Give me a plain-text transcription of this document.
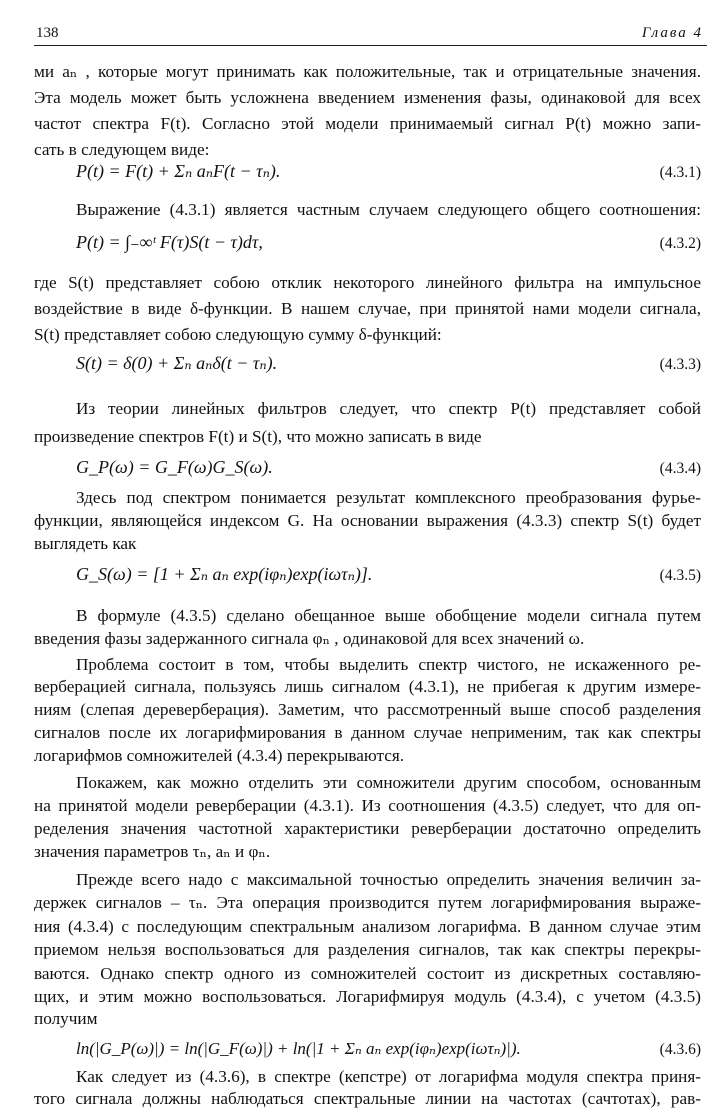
138	Глава 4
ми aₙ , которые могут принимать как положительные, так и отрицательные значения.
Эта модель может быть усложнена введением изменения фазы, одинаковой для всех
частот спектра F(t). Согласно этой модели принимаемый сигнал P(t) можно запи-
сать в следующем виде:
P(t) = F(t) + Σₙ aₙF(t − τₙ).	(4.3.1)
Выражение (4.3.1) является частным случаем следующего общего соотношения:
P(t) = ∫₋∞ᵗ F(τ)S(t − τ)dτ,	(4.3.2)
где S(t) представляет собою отклик некоторого линейного фильтра на импульсное
воздействие в виде δ-функции. В нашем случае, при принятой нами модели сигнала,
S(t) представляет собою следующую сумму δ-функций:
S(t) = δ(0) + Σₙ aₙδ(t − τₙ).	(4.3.3)
Из теории линейных фильтров следует, что спектр P(t) представляет собой
произведение спектров F(t) и S(t), что можно записать в виде
G_P(ω) = G_F(ω)G_S(ω).	(4.3.4)
Здесь под спектром понимается результат комплексного преобразования фурье-
функции, являющейся индексом G. На основании выражения (4.3.3) спектр S(t) будет
выглядеть как
G_S(ω) = [1 + Σₙ aₙ exp(iφₙ)exp(iωτₙ)].	(4.3.5)
В формуле (4.3.5) сделано обещанное выше обобщение модели сигнала путем
введения фазы задержанного сигнала φₙ , одинаковой для всех значений ω.
Проблема состоит в том, чтобы выделить спектр чистого, не искаженного ре-
верберацией сигнала, пользуясь лишь сигналом (4.3.1), не прибегая к другим измере-
ниям (слепая дереверберация). Заметим, что рассмотренный выше способ разделения
сигналов после их логарифмирования в данном случае неприменим, так как спектры
логарифмов сомножителей (4.3.4) перекрываются.
Покажем, как можно отделить эти сомножители другим способом, основанным
на принятой модели реверберации (4.3.1). Из соотношения (4.3.5) следует, что для оп-
ределения значения частотной характеристики реверберации достаточно определить
значения параметров τₙ, aₙ и φₙ.
Прежде всего надо с максимальной точностью определить значения величин за-
держек сигналов – τₙ. Эта операция производится путем логарифмирования выраже-
ния (4.3.4) с последующим спектральным анализом логарифма. В данном случае этим
приемом нельзя воспользоваться для разделения сигналов, так как спектры перекры-
ваются. Однако спектр одного из сомножителей состоит из дискретных составляю-
щих, и этим можно воспользоваться. Логарифмируя модуль (4.3.4), с учетом (4.3.5)
получим
ln(|G_P(ω)|) = ln(|G_F(ω)|) + ln(|1 + Σₙ aₙ exp(iφₙ)exp(iωτₙ)|).	(4.3.6)
Как следует из (4.3.6), в спектре (кепстре) от логарифма модуля спектра приня-
того сигнала должны наблюдаться спектральные линии на частотах (сачтотах), рав-
